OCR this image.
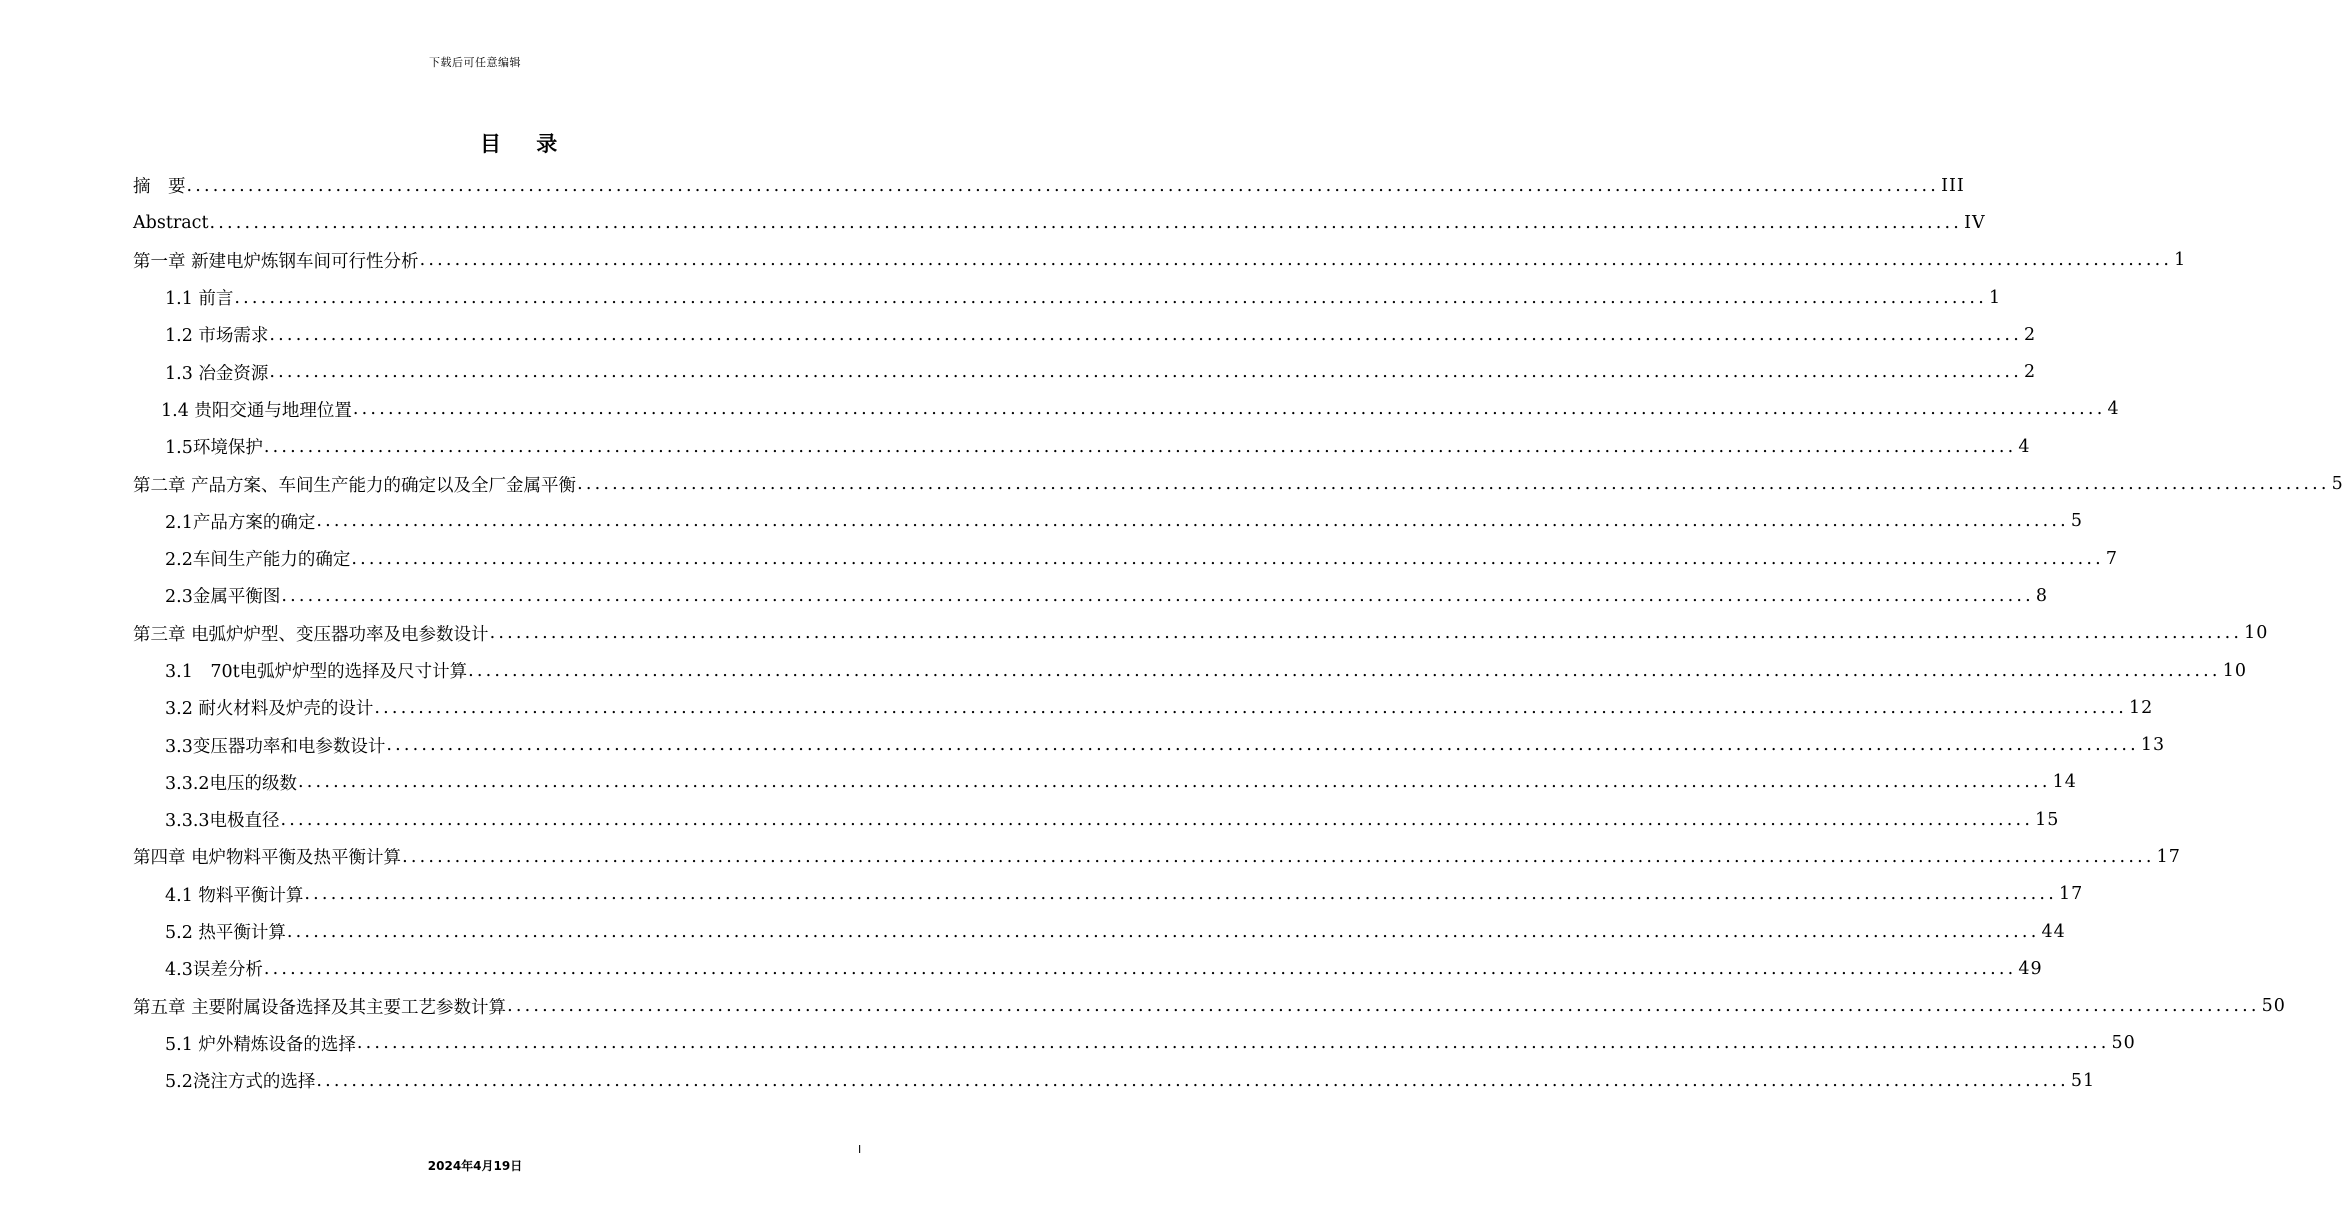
下载后可任意编辑
目 录
摘　要 ........................................................................................................................................................................................................ III
Abstract ........................................................................................................................................................................................................ IV
第一章 新建电炉炼钢车间可行性分析 ........................................................................................................................................................................................................ 1
1.1 前言 ........................................................................................................................................................................................................ 1
1.2 市场需求 ........................................................................................................................................................................................................ 2
1.3 冶金资源 ........................................................................................................................................................................................................ 2
1.4 贵阳交通与地理位置 ........................................................................................................................................................................................................ 4
1.5环境保护 ........................................................................................................................................................................................................ 4
第二章 产品方案、车间生产能力的确定以及全厂金属平衡 ........................................................................................................................................................................................................ 5
2.1产品方案的确定 ........................................................................................................................................................................................................ 5
2.2车间生产能力的确定 ........................................................................................................................................................................................................ 7
2.3金属平衡图 ........................................................................................................................................................................................................ 8
第三章 电弧炉炉型、变压器功率及电参数设计 ........................................................................................................................................................................................................ 10
3.1　70t电弧炉炉型的选择及尺寸计算 ........................................................................................................................................................................................................ 10
3.2 耐火材料及炉壳的设计 ........................................................................................................................................................................................................ 12
3.3变压器功率和电参数设计 ........................................................................................................................................................................................................ 13
3.3.2电压的级数 ........................................................................................................................................................................................................ 14
3.3.3电极直径 ........................................................................................................................................................................................................ 15
第四章 电炉物料平衡及热平衡计算 ........................................................................................................................................................................................................ 17
4.1 物料平衡计算 ........................................................................................................................................................................................................ 17
5.2 热平衡计算 ........................................................................................................................................................................................................ 44
4.3误差分析 ........................................................................................................................................................................................................ 49
第五章 主要附属设备选择及其主要工艺参数计算 ........................................................................................................................................................................................................ 50
5.1 炉外精炼设备的选择 ........................................................................................................................................................................................................ 50
5.2浇注方式的选择 ........................................................................................................................................................................................................ 51
I
2024年4月19日
